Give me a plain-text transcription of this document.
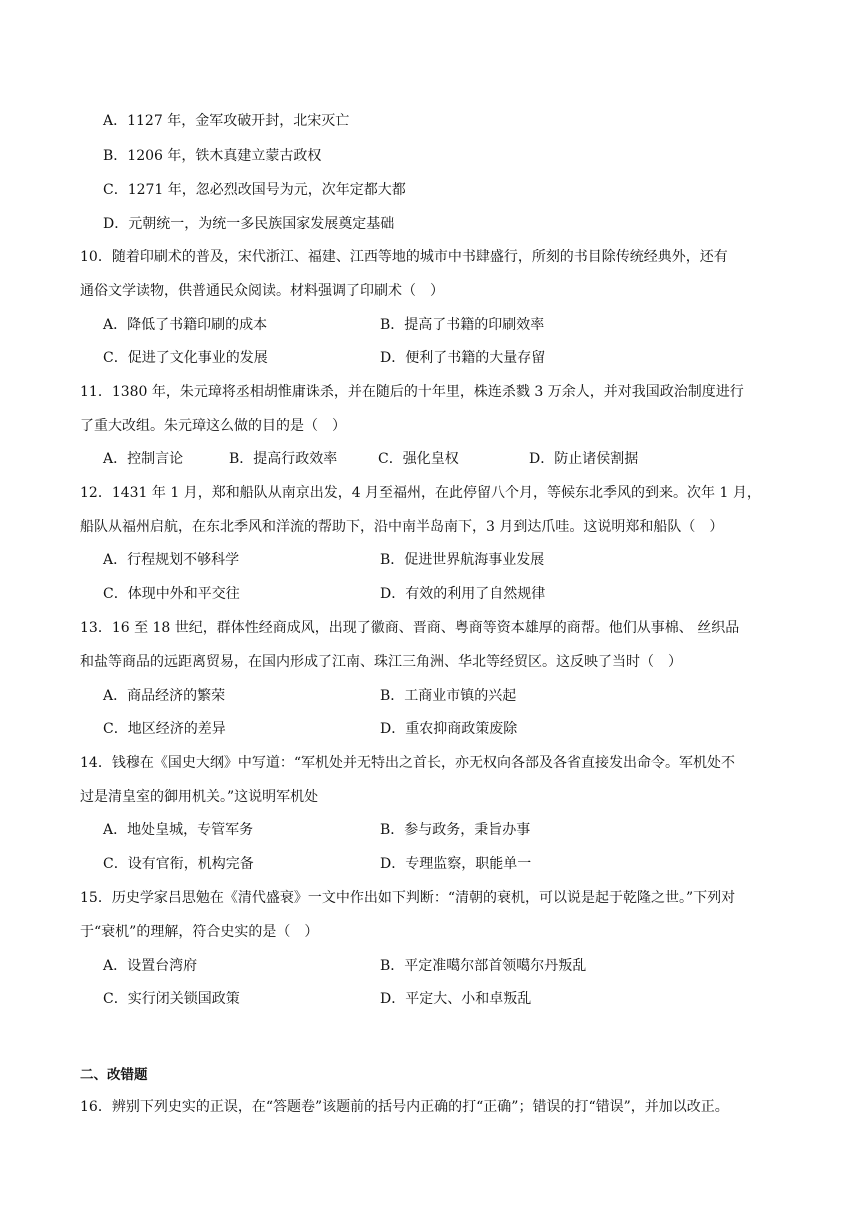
A．1127 年，金军攻破开封，北宋灭亡
B．1206 年，铁木真建立蒙古政权
C．1271 年，忽必烈改国号为元，次年定都大都
D．元朝统一，为统一多民族国家发展奠定基础
10．随着印刷术的普及，宋代浙江、福建、江西等地的城市中书肆盛行，所刻的书目除传统经典外，还有
通俗文学读物，供普通民众阅读。材料强调了印刷术（　）
A．降低了书籍印刷的成本	B．提高了书籍的印刷效率
C．促进了文化事业的发展	D．便利了书籍的大量存留
11．1380 年，朱元璋将丞相胡惟庸诛杀，并在随后的十年里，株连杀戮 3 万余人，并对我国政治制度进行
了重大改组。朱元璋这么做的目的是（　）
A．控制言论	B．提高行政效率	C．强化皇权	D．防止诸侯割据
12．1431 年 1 月，郑和船队从南京出发，4 月至福州，在此停留八个月，等候东北季风的到来。次年 1 月，
船队从福州启航，在东北季风和洋流的帮助下，沿中南半岛南下，3 月到达爪哇。这说明郑和船队（　）
A．行程规划不够科学	B．促进世界航海事业发展
C．体现中外和平交往	D．有效的利用了自然规律
13．16 至 18 世纪，群体性经商成风，出现了徽商、晋商、粤商等资本雄厚的商帮。他们从事棉、 丝织品
和盐等商品的远距离贸易，在国内形成了江南、珠江三角洲、华北等经贸区。这反映了当时（　）
A．商品经济的繁荣	B．工商业市镇的兴起
C．地区经济的差异	D．重农抑商政策废除
14．钱穆在《国史大纲》中写道：“军机处并无特出之首长，亦无权向各部及各省直接发出命令。军机处不
过是清皇室的御用机关。”这说明军机处
A．地处皇城，专管军务	B．参与政务，秉旨办事
C．设有官衔，机构完备	D．专理监察，职能单一
15．历史学家吕思勉在《清代盛衰》一文中作出如下判断：“清朝的衰机，可以说是起于乾隆之世。”下列对
于“衰机”的理解，符合史实的是（　）
A．设置台湾府	B．平定准噶尔部首领噶尔丹叛乱
C．实行闭关锁国政策	D．平定大、小和卓叛乱
二、改错题
16．辨别下列史实的正误，在“答题卷”该题前的括号内正确的打“正确”；错误的打“错误”，并加以改正。
